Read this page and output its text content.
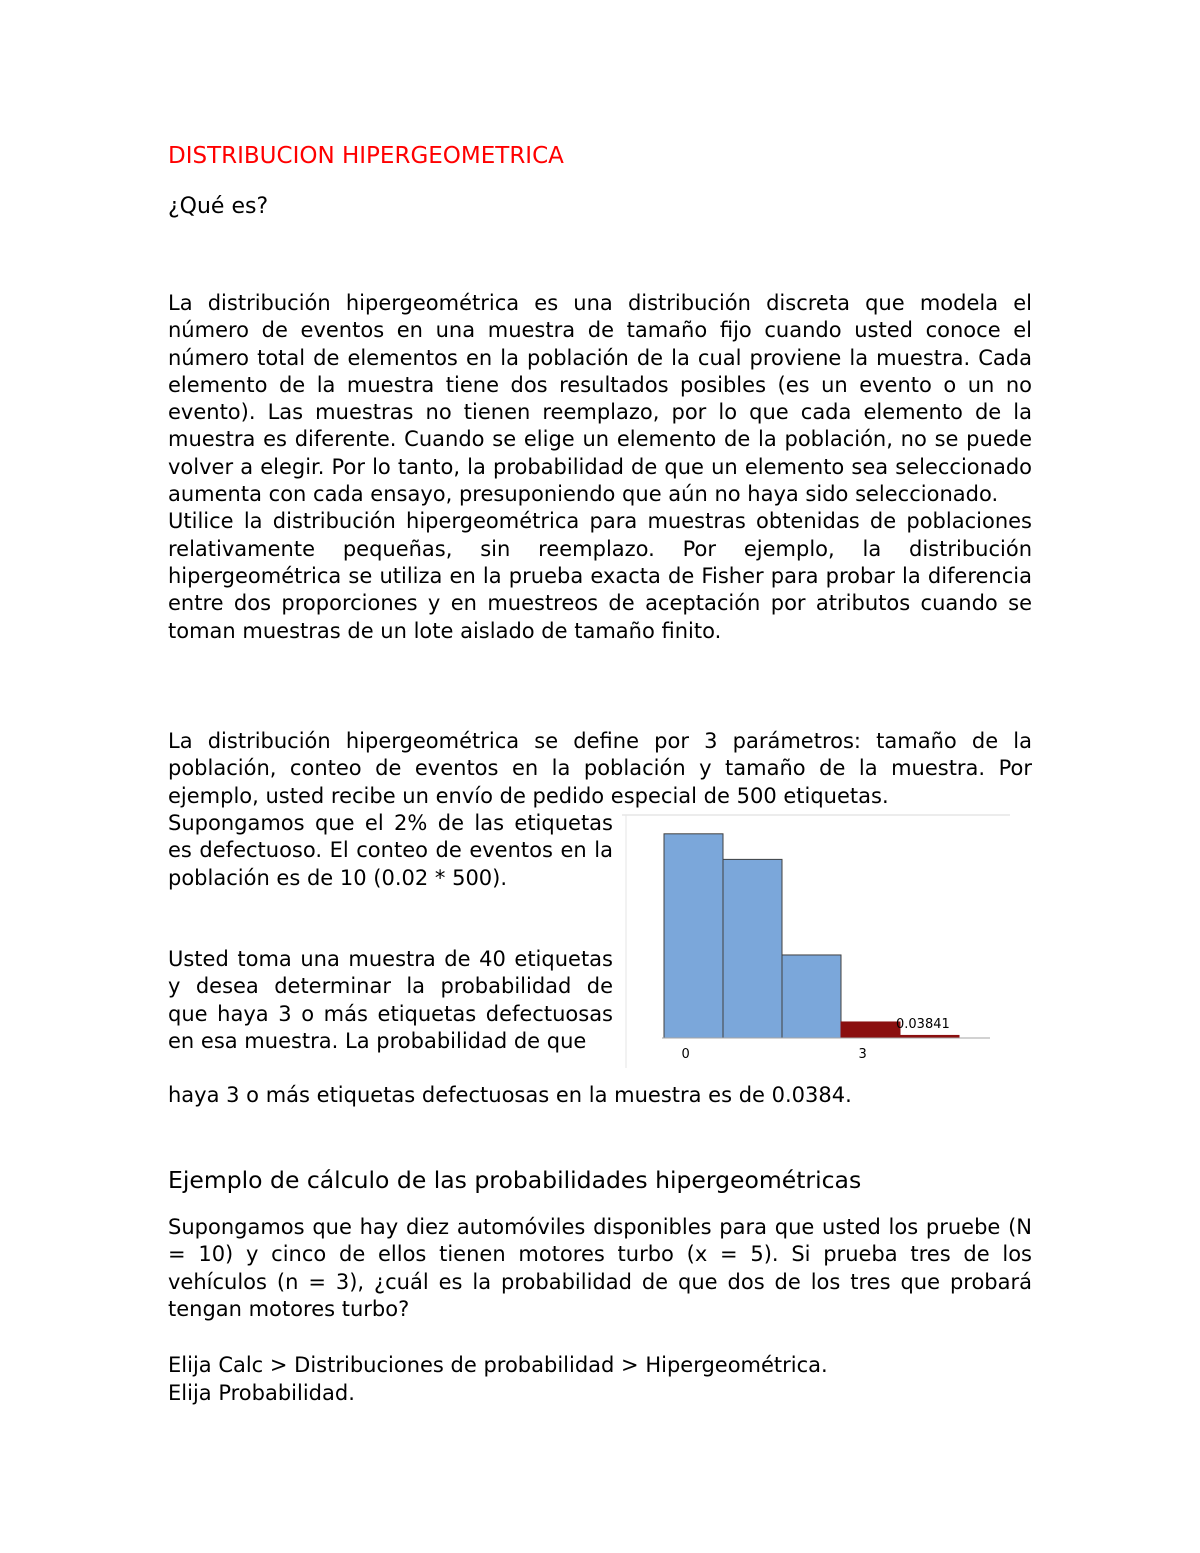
DISTRIBUCION HIPERGEOMETRICA
¿Qué es?

La distribución hipergeométrica es una distribución discreta que modela el número de eventos en una muestra de tamaño fijo cuando usted conoce el número total de elementos en la población de la cual proviene la muestra. Cada elemento de la muestra tiene dos resultados posibles (es un evento o un no evento). Las muestras no tienen reemplazo, por lo que cada elemento de la muestra es diferente. Cuando se elige un elemento de la población, no se puede volver a elegir. Por lo tanto, la probabilidad de que un elemento sea seleccionado aumenta con cada ensayo, presuponiendo que aún no haya sido seleccionado.

Utilice la distribución hipergeométrica para muestras obtenidas de poblaciones relativamente pequeñas, sin reemplazo. Por ejemplo, la distribución hipergeométrica se utiliza en la prueba exacta de Fisher para probar la diferencia entre dos proporciones y en muestreos de aceptación por atributos cuando se toman muestras de un lote aislado de tamaño finito.

La distribución hipergeométrica se define por 3 parámetros: tamaño de la población, conteo de eventos en la población y tamaño de la muestra. Por ejemplo, usted recibe un envío de pedido especial de 500 etiquetas.

Supongamos que el 2% de las etiquetas es defectuoso. El conteo de eventos en la población es de 10 (0.02 * 500).

Usted toma una muestra de 40 etiquetas y desea determinar la probabilidad de que haya 3 o más etiquetas defectuosas en esa muestra. La probabilidad de que

haya 3 o más etiquetas defectuosas en la muestra es de 0.0384.

Ejemplo de cálculo de las probabilidades hipergeométricas

Supongamos que hay diez automóviles disponibles para que usted los pruebe (N = 10) y cinco de ellos tienen motores turbo (x = 5). Si prueba tres de los vehículos (n = 3), ¿cuál es la probabilidad de que dos de los tres que probará tengan motores turbo?

Elija Calc > Distribuciones de probabilidad > Hipergeométrica.

Elija Probabilidad.

0	3
0.03841
